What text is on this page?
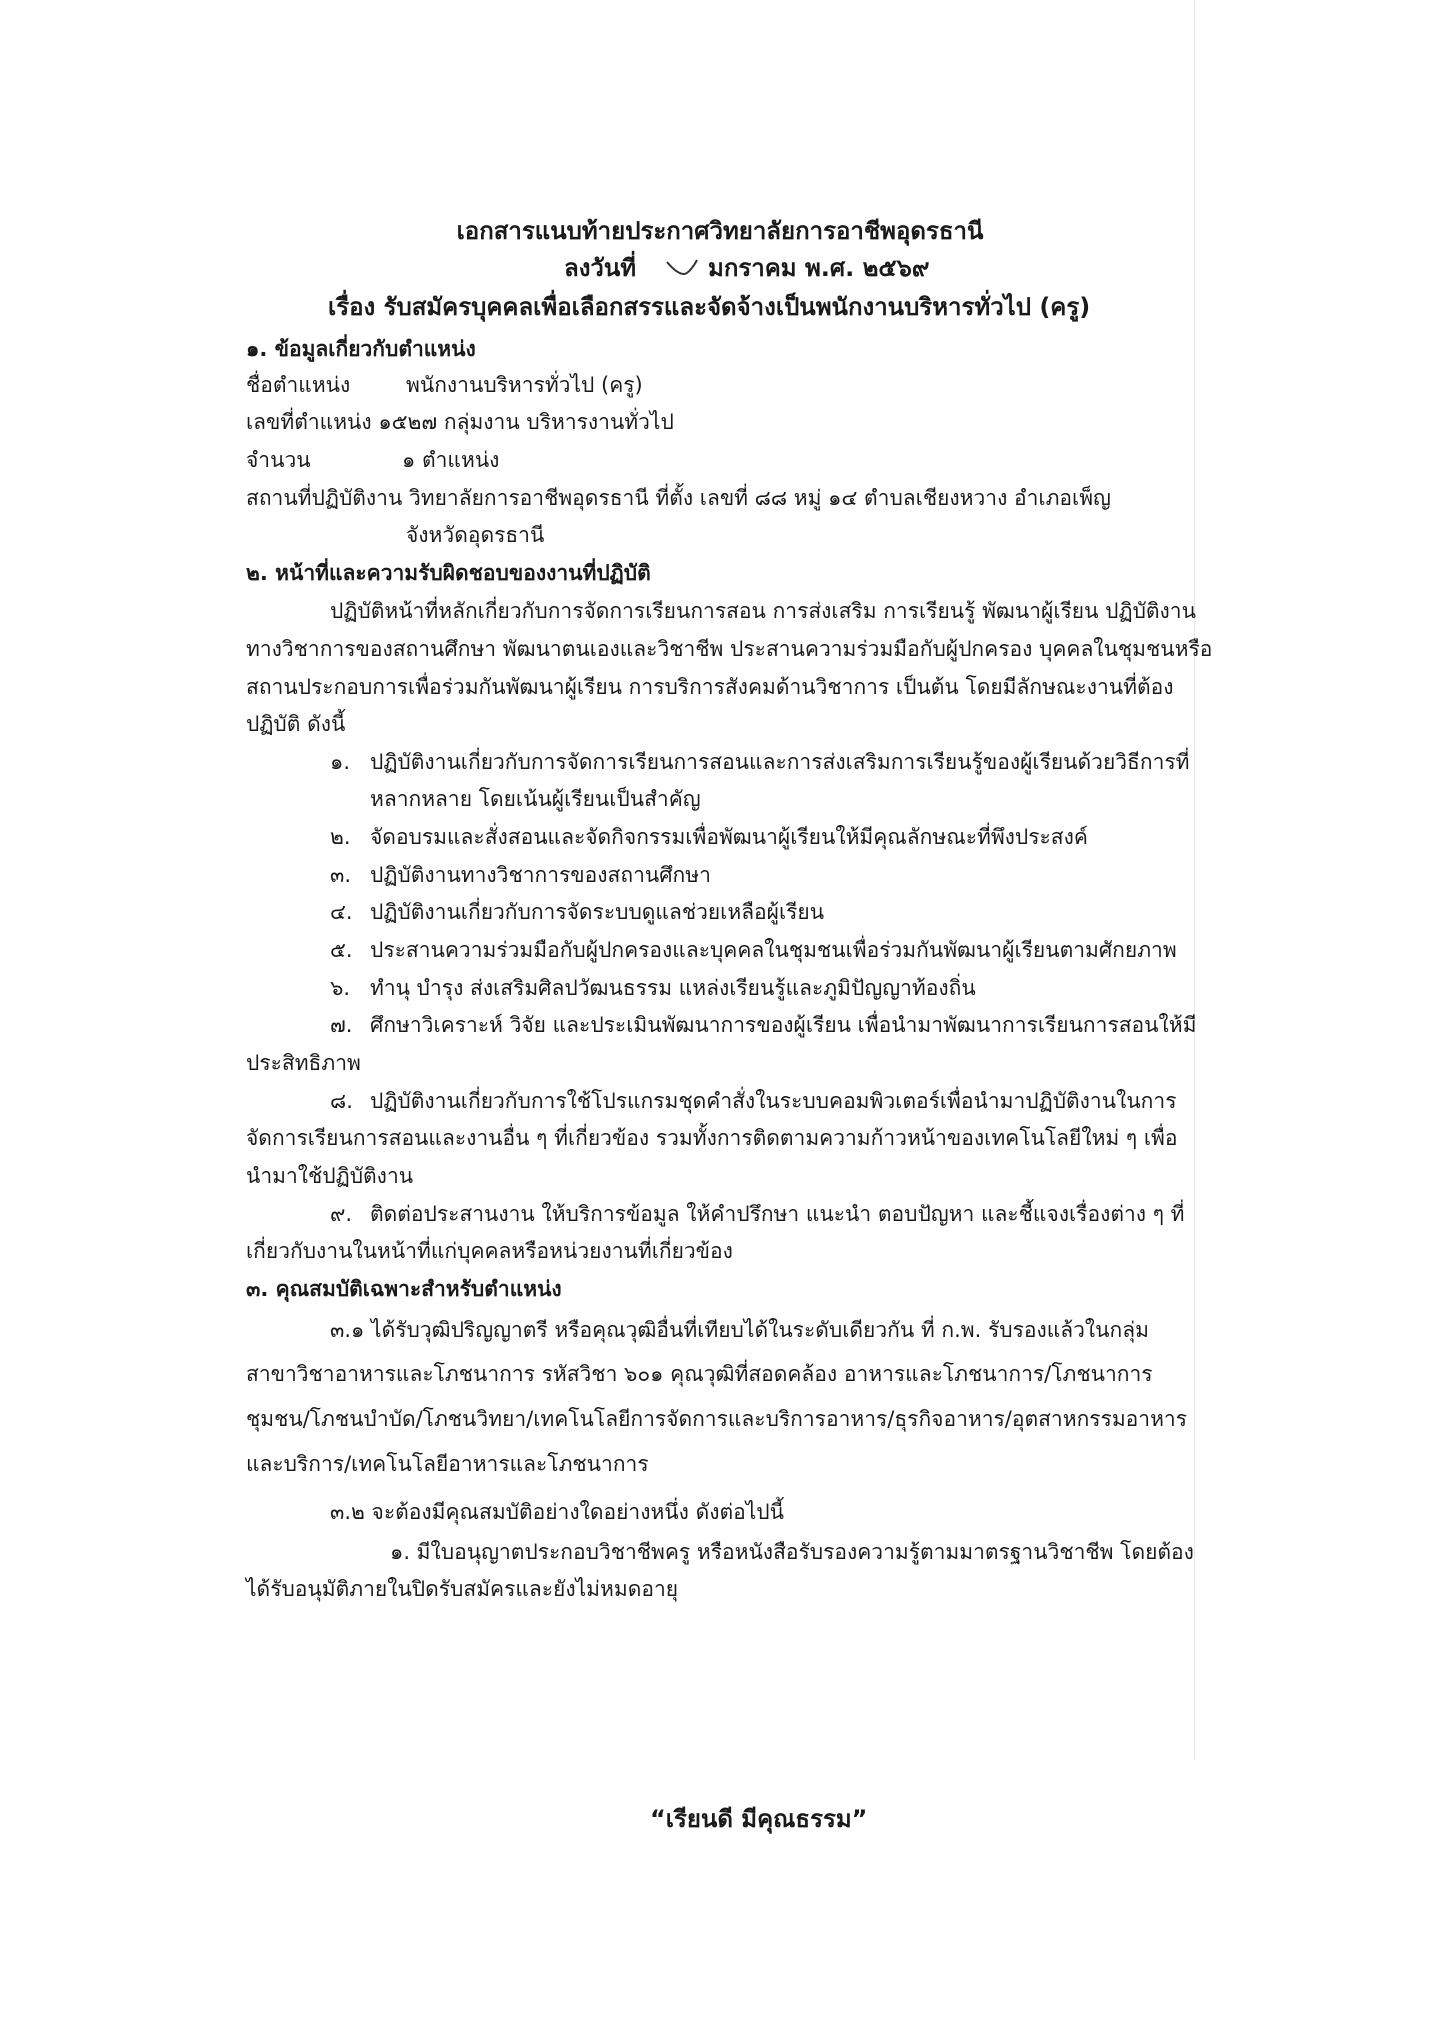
เอกสารแนบท้ายประกาศวิทยาลัยการอาชีพอุดรธานี
ลงวันที่	มกราคม พ.ศ. ๒๕๖๙
เรื่อง รับสมัครบุคคลเพื่อเลือกสรรและจัดจ้างเป็นพนักงานบริหารทั่วไป (ครู)
๑. ข้อมูลเกี่ยวกับตำแหน่ง
ชื่อตำแหน่ง	พนักงานบริหารทั่วไป (ครู)
เลขที่ตำแหน่ง ๑๕๒๗ กลุ่มงาน บริหารงานทั่วไป
จำนวน	๑ ตำแหน่ง
สถานที่ปฏิบัติงาน วิทยาลัยการอาชีพอุดรธานี ที่ตั้ง เลขที่ ๘๘ หมู่ ๑๔ ตำบลเชียงหวาง อำเภอเพ็ญ
จังหวัดอุดรธานี
๒. หน้าที่และความรับผิดชอบของงานที่ปฏิบัติ
ปฏิบัติหน้าที่หลักเกี่ยวกับการจัดการเรียนการสอน การส่งเสริม การเรียนรู้ พัฒนาผู้เรียน ปฏิบัติงาน
ทางวิชาการของสถานศึกษา พัฒนาตนเองและวิชาชีพ ประสานความร่วมมือกับผู้ปกครอง บุคคลในชุมชนหรือ
สถานประกอบการเพื่อร่วมกันพัฒนาผู้เรียน การบริการสังคมด้านวิชาการ เป็นต้น โดยมีลักษณะงานที่ต้อง
ปฏิบัติ ดังนี้
๑. ปฏิบัติงานเกี่ยวกับการจัดการเรียนการสอนและการส่งเสริมการเรียนรู้ของผู้เรียนด้วยวิธีการที่
หลากหลาย โดยเน้นผู้เรียนเป็นสำคัญ
๒. จัดอบรมและสั่งสอนและจัดกิจกรรมเพื่อพัฒนาผู้เรียนให้มีคุณลักษณะที่พึงประสงค์
๓. ปฏิบัติงานทางวิชาการของสถานศึกษา
๔. ปฏิบัติงานเกี่ยวกับการจัดระบบดูแลช่วยเหลือผู้เรียน
๕. ประสานความร่วมมือกับผู้ปกครองและบุคคลในชุมชนเพื่อร่วมกันพัฒนาผู้เรียนตามศักยภาพ
๖. ทำนุ บำรุง ส่งเสริมศิลปวัฒนธรรม แหล่งเรียนรู้และภูมิปัญญาท้องถิ่น
๗. ศึกษาวิเคราะห์ วิจัย และประเมินพัฒนาการของผู้เรียน เพื่อนำมาพัฒนาการเรียนการสอนให้มี
ประสิทธิภาพ
๘. ปฏิบัติงานเกี่ยวกับการใช้โปรแกรมชุดคำสั่งในระบบคอมพิวเตอร์เพื่อนำมาปฏิบัติงานในการ
จัดการเรียนการสอนและงานอื่น ๆ ที่เกี่ยวข้อง รวมทั้งการติดตามความก้าวหน้าของเทคโนโลยีใหม่ ๆ เพื่อ
นำมาใช้ปฏิบัติงาน
๙. ติดต่อประสานงาน ให้บริการข้อมูล ให้คำปรึกษา แนะนำ ตอบปัญหา และชี้แจงเรื่องต่าง ๆ ที่
เกี่ยวกับงานในหน้าที่แก่บุคคลหรือหน่วยงานที่เกี่ยวข้อง
๓. คุณสมบัติเฉพาะสำหรับตำแหน่ง
๓.๑ ได้รับวุฒิปริญญาตรี หรือคุณวุฒิอื่นที่เทียบได้ในระดับเดียวกัน ที่ ก.พ. รับรองแล้วในกลุ่ม
สาขาวิชาอาหารและโภชนาการ รหัสวิชา ๖๐๑ คุณวุฒิที่สอดคล้อง อาหารและโภชนาการ/โภชนาการ
ชุมชน/โภชนบำบัด/โภชนวิทยา/เทคโนโลยีการจัดการและบริการอาหาร/ธุรกิจอาหาร/อุตสาหกรรมอาหาร
และบริการ/เทคโนโลยีอาหารและโภชนาการ
๓.๒ จะต้องมีคุณสมบัติอย่างใดอย่างหนึ่ง ดังต่อไปนี้
๑. มีใบอนุญาตประกอบวิชาชีพครู หรือหนังสือรับรองความรู้ตามมาตรฐานวิชาชีพ โดยต้อง
ได้รับอนุมัติภายในปิดรับสมัครและยังไม่หมดอายุ
“เรียนดี มีคุณธรรม”
